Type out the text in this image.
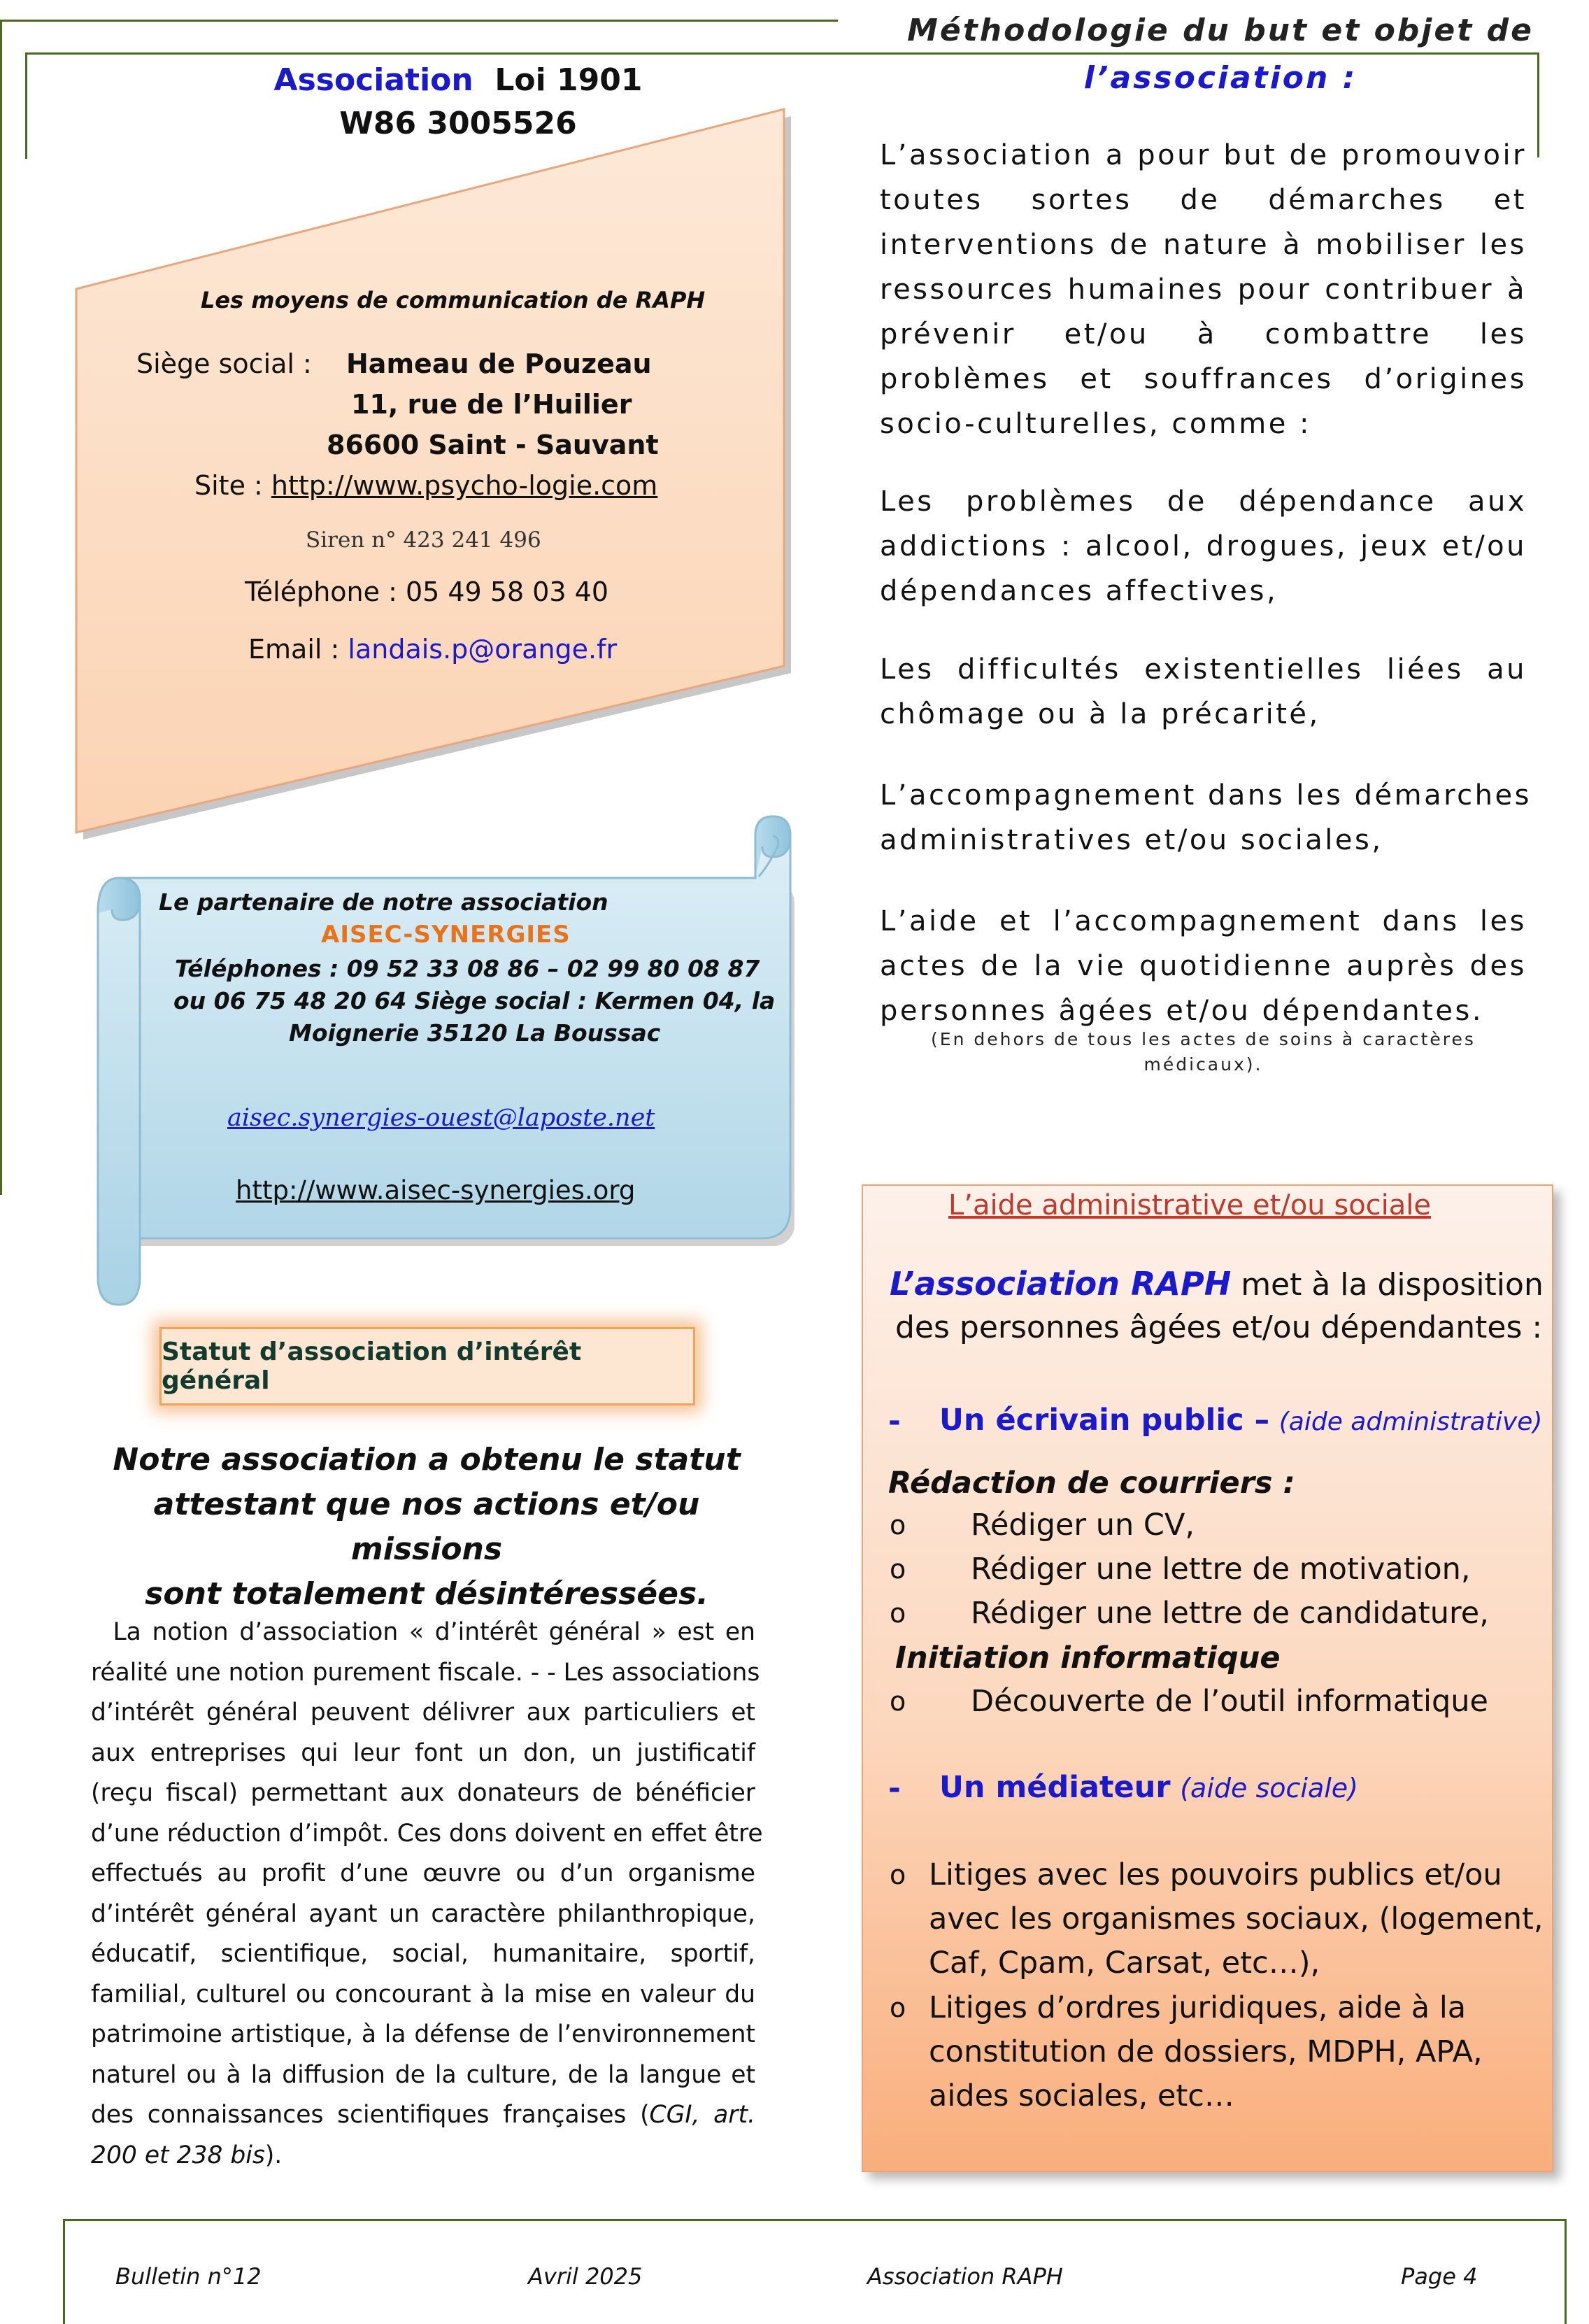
Association Loi 1901
W86 3005526
Les moyens de communication de RAPH
Siège social : Hameau de Pouzeau
11, rue de l’Huilier
86600 Saint - Sauvant
Site : http://www.psycho-logie.com
Siren n° 423 241 496
Téléphone : 05 49 58 03 40
Email : landais.p@orange.fr
Le partenaire de notre association
AISEC-SYNERGIES
Téléphones : 09 52 33 08 86 – 02 99 80 08 87
ou 06 75 48 20 64 Siège social : Kermen 04, la
Moignerie 35120 La Boussac
aisec.synergies-ouest@laposte.net
http://www.aisec-synergies.org
Statut d’association d’intérêt général
Notre association a obtenu le statut
attestant que nos actions et/ou missions
sont totalement désintéressées.
La notion d’association « d’intérêt général » est en
réalité une notion purement fiscale. - - Les associations
d’intérêt général peuvent délivrer aux particuliers et
aux entreprises qui leur font un don, un justificatif
(reçu fiscal) permettant aux donateurs de bénéficier
d’une réduction d’impôt. Ces dons doivent en effet être
effectués au profit d’une œuvre ou d’un organisme
d’intérêt général ayant un caractère philanthropique,
éducatif, scientifique, social, humanitaire, sportif,
familial, culturel ou concourant à la mise en valeur du
patrimoine artistique, à la défense de l’environnement
naturel ou à la diffusion de la culture, de la langue et
des connaissances scientifiques françaises (CGI, art.
200 et 238 bis).
Méthodologie du but et objet de
l’association :
L’association a pour but de promouvoir
toutes sortes de démarches et
interventions de nature à mobiliser les
ressources humaines pour contribuer à
prévenir et/ou à combattre les
problèmes et souffrances d’origines
socio-culturelles, comme :
Les problèmes de dépendance aux
addictions : alcool, drogues, jeux et/ou
dépendances affectives,
Les difficultés existentielles liées au
chômage ou à la précarité,
L’accompagnement dans les démarches
administratives et/ou sociales,
L’aide et l’accompagnement dans les
actes de la vie quotidienne auprès des
personnes âgées et/ou dépendantes.
(En dehors de tous les actes de soins à caractères
médicaux).
L’aide administrative et/ou sociale
L’association RAPH met à la disposition
des personnes âgées et/ou dépendantes :
- Un écrivain public – (aide administrative)
Rédaction de courriers :
o Rédiger un CV,
o Rédiger une lettre de motivation,
o Rédiger une lettre de candidature,
Initiation informatique
o Découverte de l’outil informatique
- Un médiateur (aide sociale)
o Litiges avec les pouvoirs publics et/ou
avec les organismes sociaux, (logement,
Caf, Cpam, Carsat, etc…),
o Litiges d’ordres juridiques, aide à la
constitution de dossiers, MDPH, APA,
aides sociales, etc…
Bulletin n°12	Avril 2025	Association RAPH	Page 4
